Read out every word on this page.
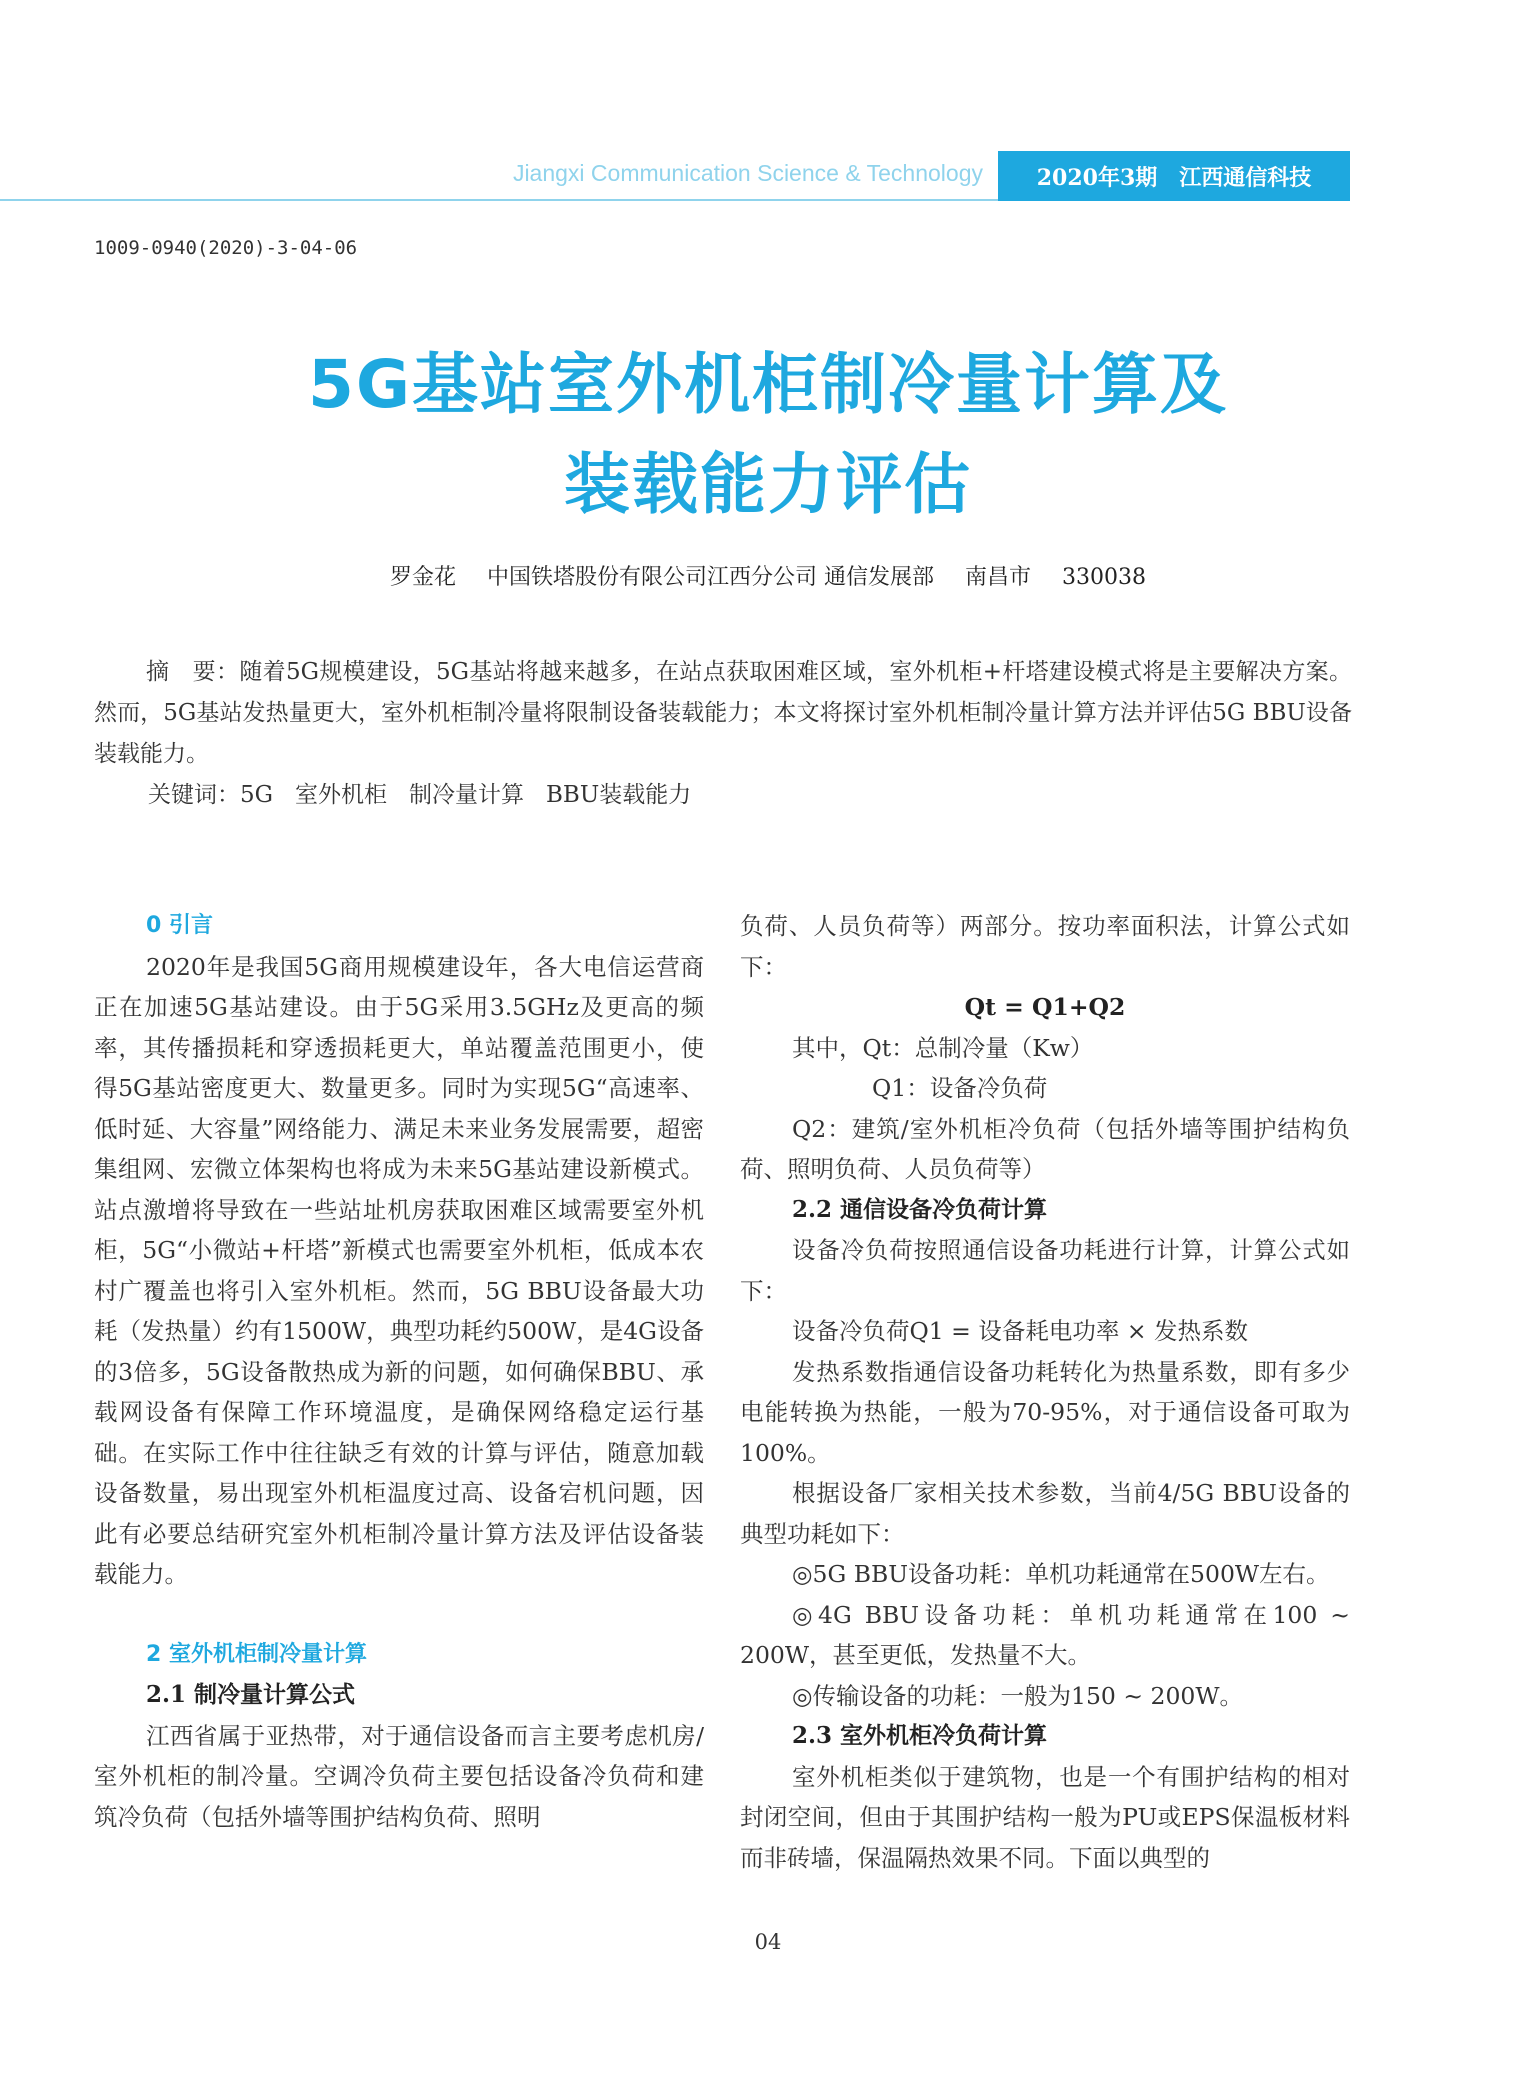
Jiangxi Communication Science & Technology 2020年3期 江西通信科技
1009-0940(2020)-3-04-06
5G基站室外机柜制冷量计算及
装载能力评估
罗金花 中国铁塔股份有限公司江西分公司 通信发展部 南昌市 330038

摘　要：随着5G规模建设，5G基站将越来越多，在站点获取困难区域，室外机柜+杆塔建设模式将是主要解决方案。然而，5G基站发热量更大，室外机柜制冷量将限制设备装载能力；本文将探讨室外机柜制冷量计算方法并评估5G BBU设备装载能力。

关键词：5G 室外机柜 制冷量计算 BBU装载能力

0 引言

2020年是我国5G商用规模建设年，各大电信运营商正在加速5G基站建设。由于5G采用3.5GHz及更高的频率，其传播损耗和穿透损耗更大，单站覆盖范围更小，使得5G基站密度更大、数量更多。同时为实现5G“高速率、低时延、大容量”网络能力、满足未来业务发展需要，超密集组网、宏微立体架构也将成为未来5G基站建设新模式。站点激增将导致在一些站址机房获取困难区域需要室外机柜，5G“小微站+杆塔”新模式也需要室外机柜，低成本农村广覆盖也将引入室外机柜。然而，5G BBU设备最大功耗（发热量）约有1500W，典型功耗约500W，是4G设备的3倍多，5G设备散热成为新的问题，如何确保BBU、承载网设备有保障工作环境温度，是确保网络稳定运行基础。在实际工作中往往缺乏有效的计算与评估，随意加载设备数量，易出现室外机柜温度过高、设备宕机问题，因此有必要总结研究室外机柜制冷量计算方法及评估设备装载能力。

2 室外机柜制冷量计算

2.1 制冷量计算公式

江西省属于亚热带，对于通信设备而言主要考虑机房/室外机柜的制冷量。空调冷负荷主要包括设备冷负荷和建筑冷负荷（包括外墙等围护结构负荷、照明

负荷、人员负荷等）两部分。按功率面积法，计算公式如下：

Qt = Q1+Q2

其中，Qt：总制冷量（Kw）

Q1：设备冷负荷

Q2：建筑/室外机柜冷负荷（包括外墙等围护结构负荷、照明负荷、人员负荷等）

2.2 通信设备冷负荷计算

设备冷负荷按照通信设备功耗进行计算，计算公式如下：

设备冷负荷Q1 = 设备耗电功率 × 发热系数

发热系数指通信设备功耗转化为热量系数，即有多少电能转换为热能，一般为70-95%，对于通信设备可取为100%。

根据设备厂家相关技术参数，当前4/5G BBU设备的典型功耗如下：

◎5G BBU设备功耗：单机功耗通常在500W左右。

◎4G BBU设备功耗：单机功耗通常在100 ~ 200W，甚至更低，发热量不大。

◎传输设备的功耗：一般为150 ~ 200W。

2.3 室外机柜冷负荷计算

室外机柜类似于建筑物，也是一个有围护结构的相对封闭空间，但由于其围护结构一般为PU或EPS保温板材料而非砖墙，保温隔热效果不同。下面以典型的

04
